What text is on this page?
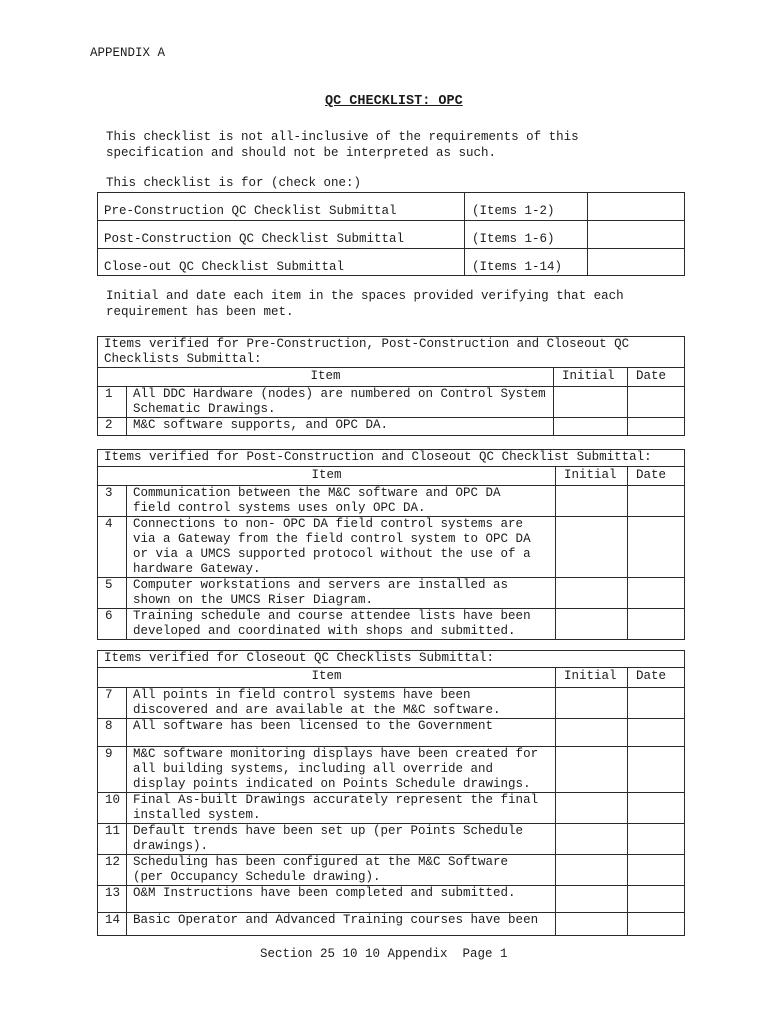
APPENDIX A
QC CHECKLIST: OPC
This checklist is not all-inclusive of the requirements of this
specification and should not be interpreted as such.
This checklist is for (check one:)
Pre-Construction QC Checklist Submittal	(Items 1-2)	
Post-Construction QC Checklist Submittal	(Items 1-6)	
Close-out QC Checklist Submittal	(Items 1-14)	
Initial and date each item in the spaces provided verifying that each
requirement has been met.
Items verified for Pre-Construction, Post-Construction and Closeout QC
Checklists Submittal:			
Item		Initial	Date
1	All DDC Hardware (nodes) are numbered on Control System
Schematic Drawings.		
2	M&C software supports, and OPC DA.		
Items verified for Post-Construction and Closeout QC Checklist Submittal:			
Item		Initial	Date
3	Communication between the M&C software and OPC DA
field control systems uses only OPC DA.		
4	Connections to non- OPC DA field control systems are
via a Gateway from the field control system to OPC DA
or via a UMCS supported protocol without the use of a
hardware Gateway.		
5	Computer workstations and servers are installed as
shown on the UMCS Riser Diagram.		
6	Training schedule and course attendee lists have been
developed and coordinated with shops and submitted.		
Items verified for Closeout QC Checklists Submittal:			
Item		Initial	Date
7	All points in field control systems have been
discovered and are available at the M&C software.		
8	All software has been licensed to the Government		
9	M&C software monitoring displays have been created for
all building systems, including all override and
display points indicated on Points Schedule drawings.		
10	Final As-built Drawings accurately represent the final
installed system.		
11	Default trends have been set up (per Points Schedule
drawings).		
12	Scheduling has been configured at the M&C Software
(per Occupancy Schedule drawing).		
13	O&M Instructions have been completed and submitted.		
14	Basic Operator and Advanced Training courses have been		
Section 25 10 10 Appendix  Page 1
